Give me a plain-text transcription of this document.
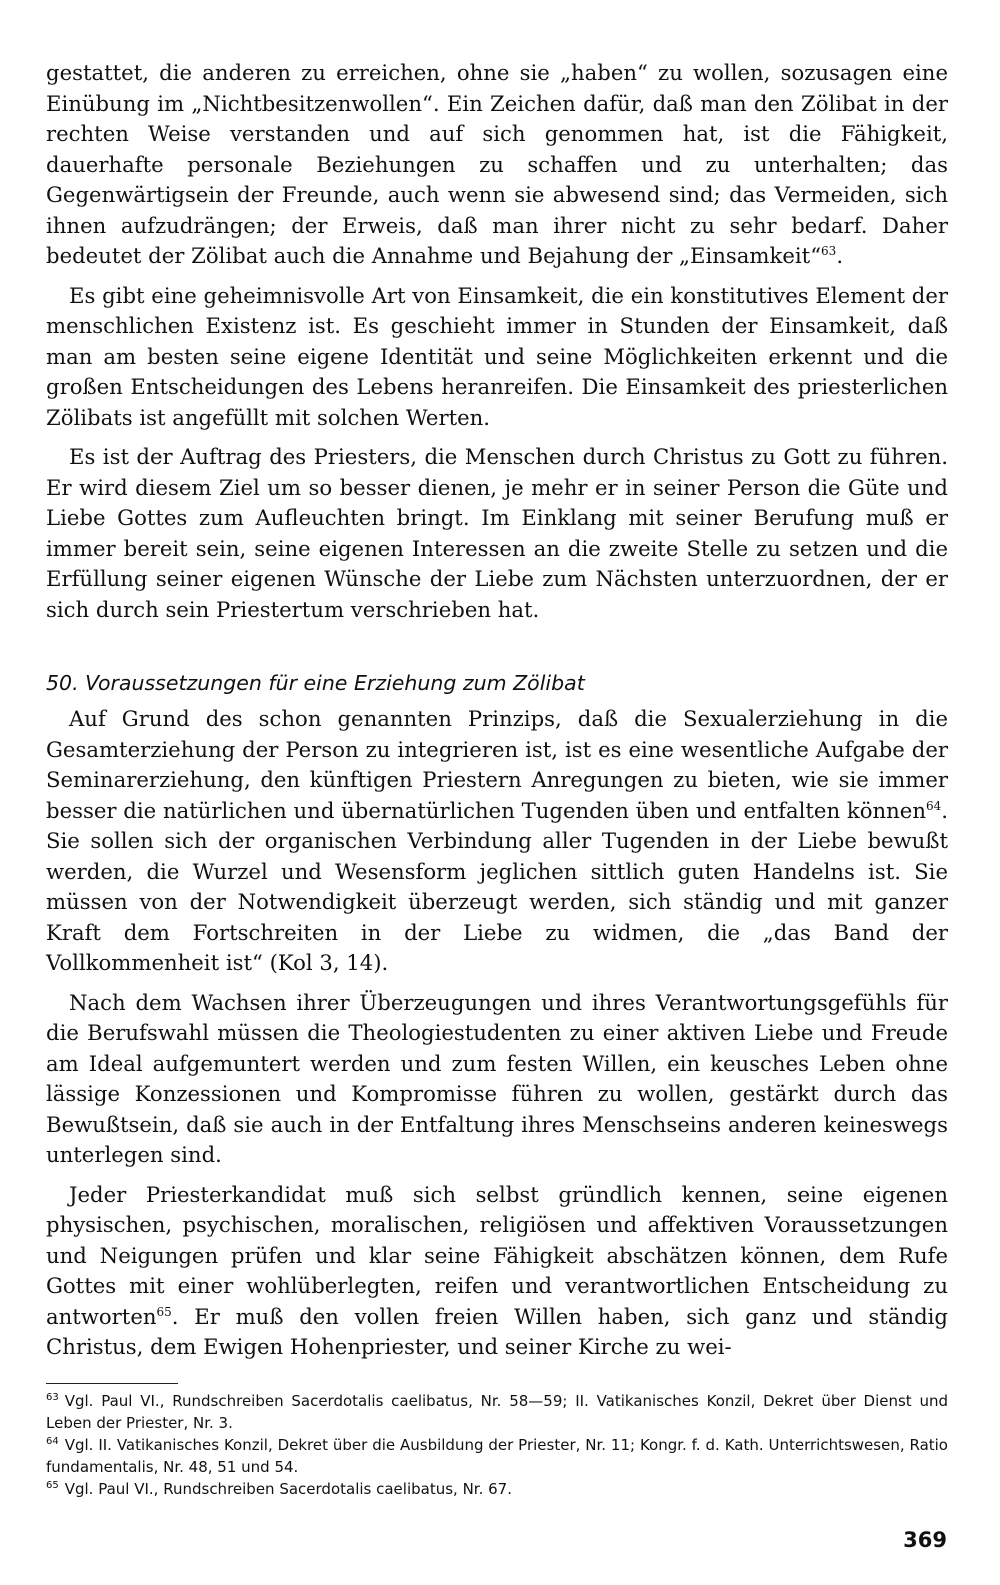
gestattet, die anderen zu erreichen, ohne sie „haben“ zu wollen, sozusagen eine Einübung im „Nichtbesitzenwollen“. Ein Zeichen dafür, daß man den Zölibat in der rechten Weise verstanden und auf sich genommen hat, ist die Fähigkeit, dauerhafte personale Beziehungen zu schaffen und zu unterhalten; das Gegenwärtigsein der Freunde, auch wenn sie abwesend sind; das Vermeiden, sich ihnen aufzudrängen; der Erweis, daß man ihrer nicht zu sehr bedarf. Daher bedeutet der Zölibat auch die Annahme und Bejahung der „Einsamkeit“$^{63}$.

Es gibt eine geheimnisvolle Art von Einsamkeit, die ein konstitutives Element der menschlichen Existenz ist. Es geschieht immer in Stunden der Einsamkeit, daß man am besten seine eigene Identität und seine Möglichkeiten erkennt und die großen Entscheidungen des Lebens heranreifen. Die Einsamkeit des priesterlichen Zölibats ist angefüllt mit solchen Werten.

Es ist der Auftrag des Priesters, die Menschen durch Christus zu Gott zu führen. Er wird diesem Ziel um so besser dienen, je mehr er in seiner Person die Güte und Liebe Gottes zum Aufleuchten bringt. Im Einklang mit seiner Berufung muß er immer bereit sein, seine eigenen Interessen an die zweite Stelle zu setzen und die Erfüllung seiner eigenen Wünsche der Liebe zum Nächsten unterzuordnen, der er sich durch sein Priestertum verschrieben hat.

50. Voraussetzungen für eine Erziehung zum Zölibat

Auf Grund des schon genannten Prinzips, daß die Sexualerziehung in die Gesamterziehung der Person zu integrieren ist, ist es eine wesentliche Aufgabe der Seminarerziehung, den künftigen Priestern Anregungen zu bieten, wie sie immer besser die natürlichen und übernatürlichen Tugenden üben und entfalten können$^{64}$. Sie sollen sich der organischen Verbindung aller Tugenden in der Liebe bewußt werden, die Wurzel und Wesensform jeglichen sittlich guten Handelns ist. Sie müssen von der Notwendigkeit überzeugt werden, sich ständig und mit ganzer Kraft dem Fortschreiten in der Liebe zu widmen, die „das Band der Vollkommenheit ist“ (Kol 3, 14).

Nach dem Wachsen ihrer Überzeugungen und ihres Verantwortungsgefühls für die Berufswahl müssen die Theologiestudenten zu einer aktiven Liebe und Freude am Ideal aufgemuntert werden und zum festen Willen, ein keusches Leben ohne lässige Konzessionen und Kompromisse führen zu wollen, gestärkt durch das Bewußtsein, daß sie auch in der Entfaltung ihres Menschseins anderen keineswegs unterlegen sind.

Jeder Priesterkandidat muß sich selbst gründlich kennen, seine eigenen physischen, psychischen, moralischen, religiösen und affektiven Voraussetzungen und Neigungen prüfen und klar seine Fähigkeit abschätzen können, dem Rufe Gottes mit einer wohlüberlegten, reifen und verantwortlichen Entscheidung zu antworten$^{65}$. Er muß den vollen freien Willen haben, sich ganz und ständig Christus, dem Ewigen Hohenpriester, und seiner Kirche zu wei-

$^{63}$ Vgl. Paul VI., Rundschreiben Sacerdotalis caelibatus, Nr. 58—59; II. Vatikanisches Konzil, Dekret über Dienst und Leben der Priester, Nr. 3.

$^{64}$ Vgl. II. Vatikanisches Konzil, Dekret über die Ausbildung der Priester, Nr. 11; Kongr. f. d. Kath. Unterrichtswesen, Ratio fundamentalis, Nr. 48, 51 und 54.

$^{65}$ Vgl. Paul VI., Rundschreiben Sacerdotalis caelibatus, Nr. 67.

369
